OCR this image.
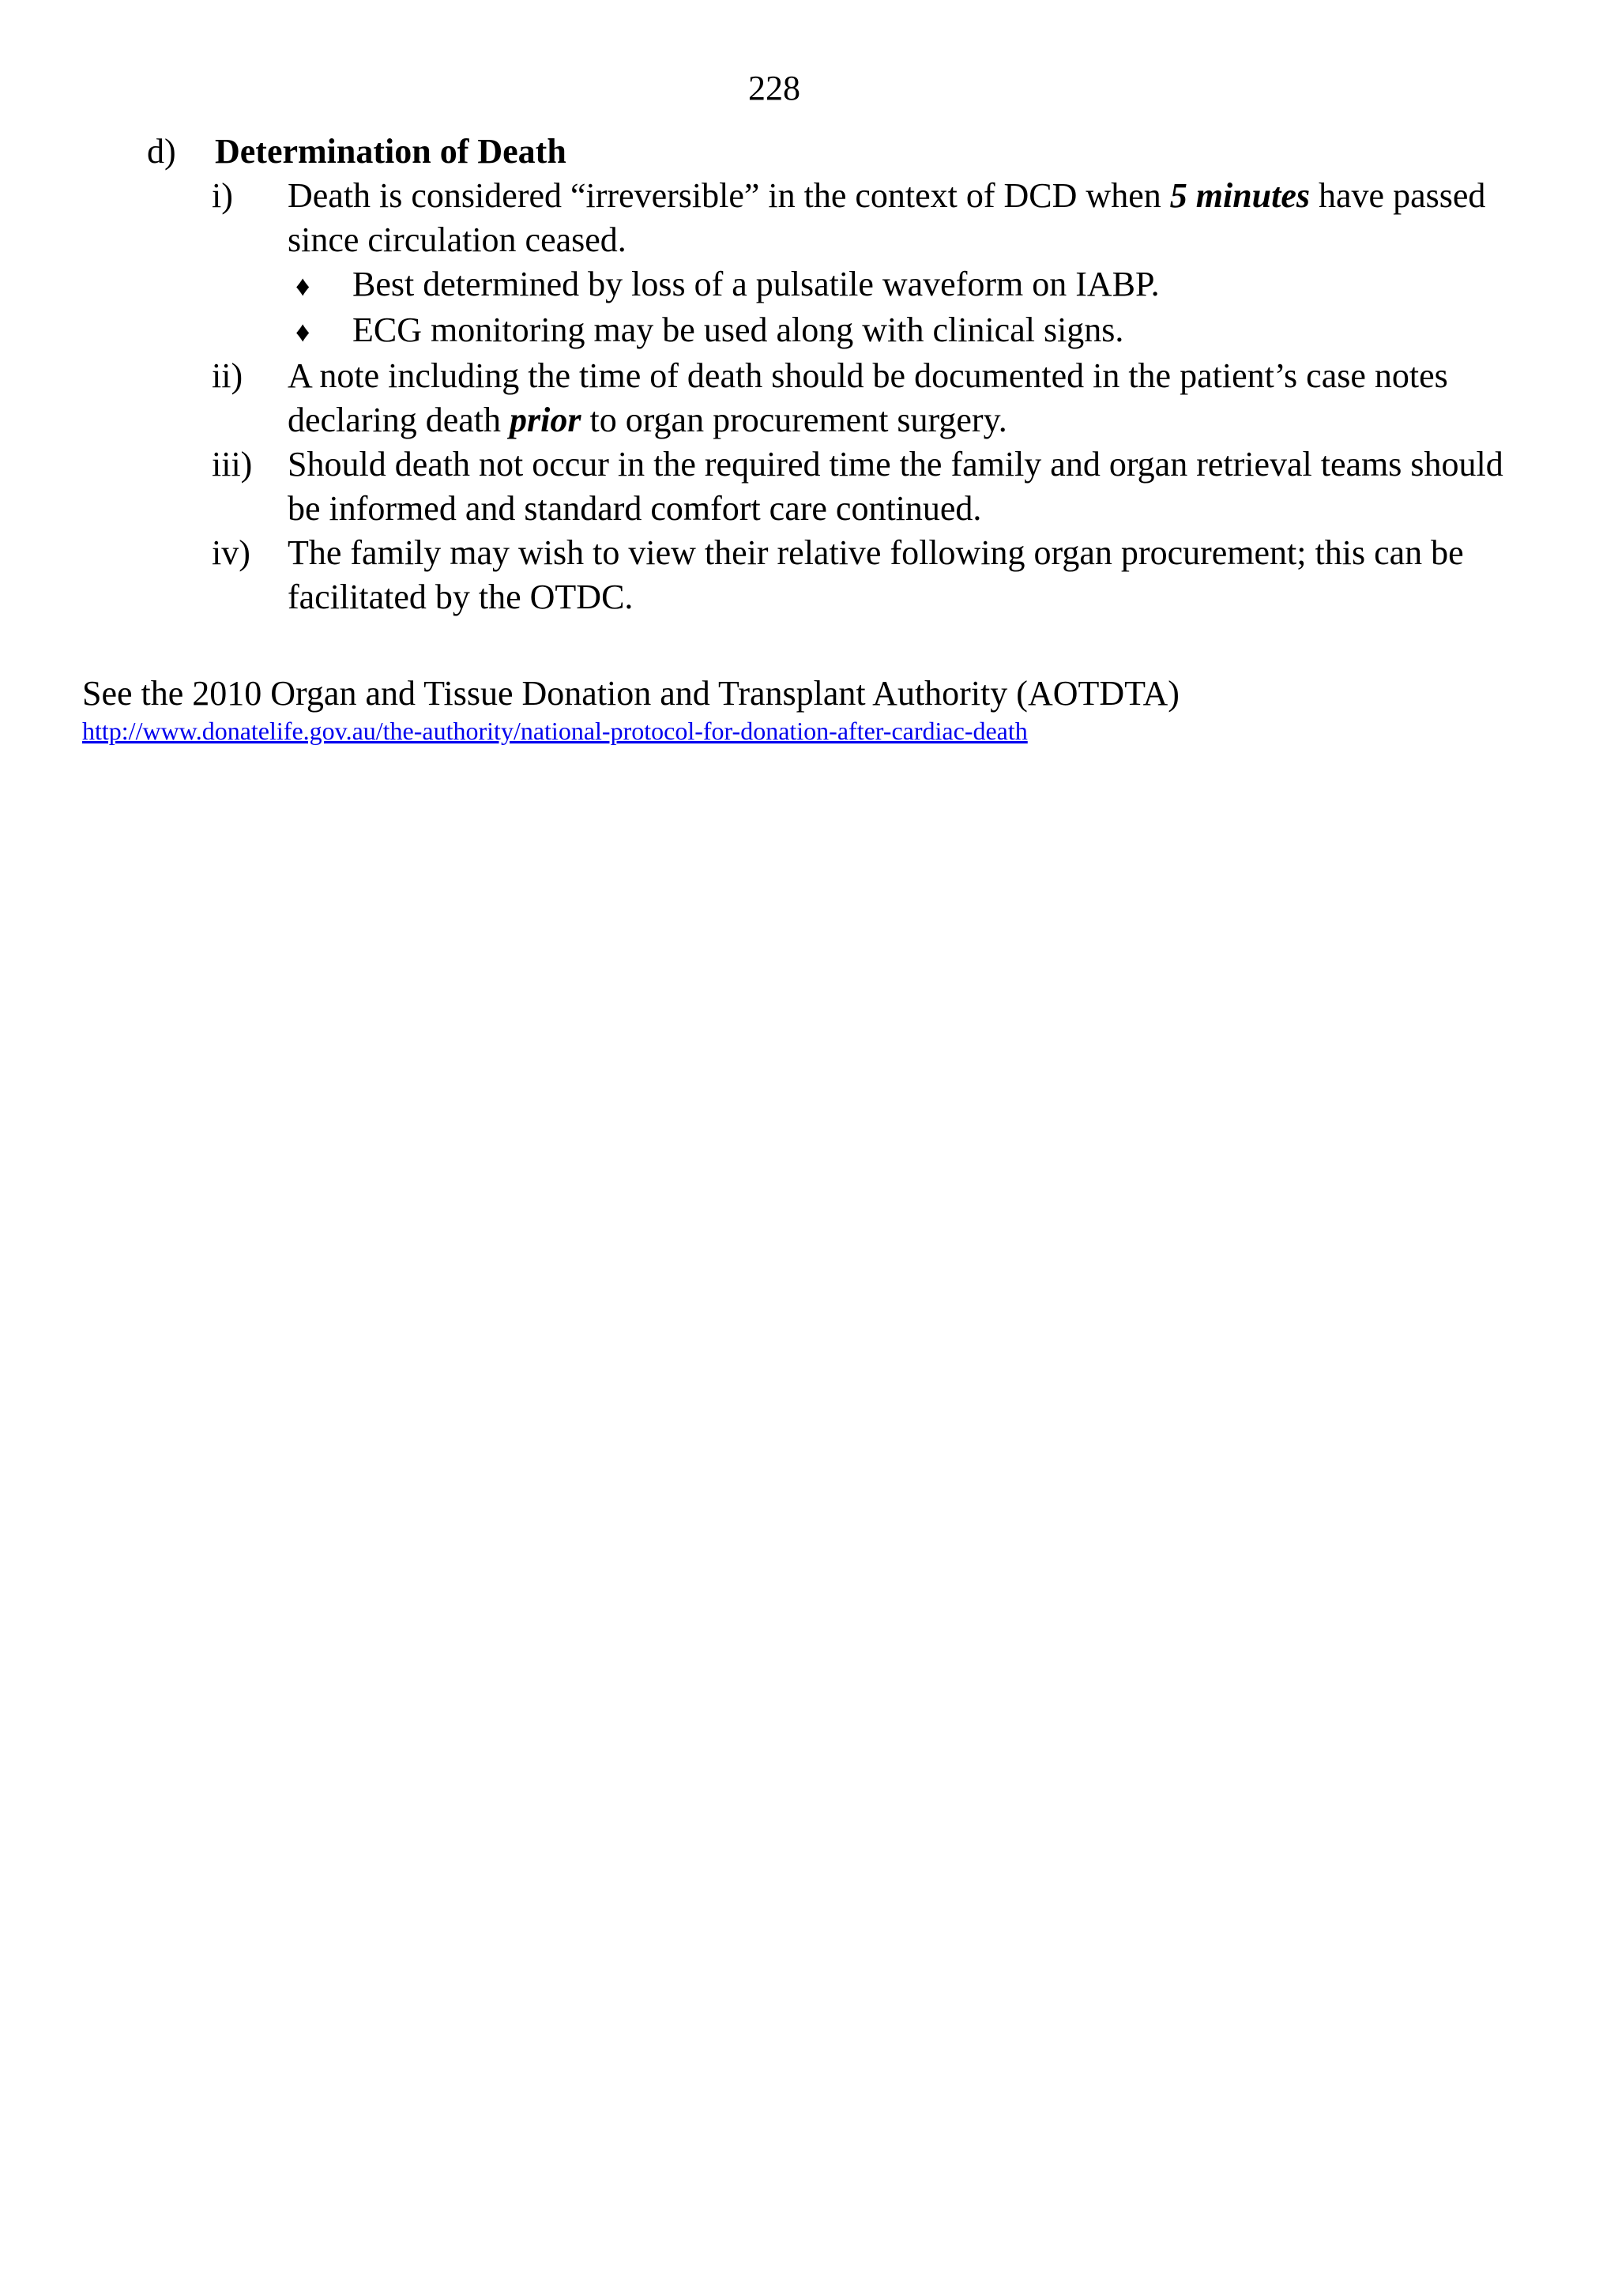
228
d)	Determination of Death
i)	Death is considered “irreversible” in the context of DCD when 5 minutes have passed since circulation ceased.
♦	Best determined by loss of a pulsatile waveform on IABP.
♦	ECG monitoring may be used along with clinical signs.
ii)	A note including the time of death should be documented in the patient’s case notes declaring death prior to organ procurement surgery.
iii)	Should death not occur in the required time the family and organ retrieval teams should be informed and standard comfort care continued.
iv)	The family may wish to view their relative following organ procurement; this can be facilitated by the OTDC.
See the 2010 Organ and Tissue Donation and Transplant Authority (AOTDTA)
http://www.donatelife.gov.au/the-authority/national-protocol-for-donation-after-cardiac-death
